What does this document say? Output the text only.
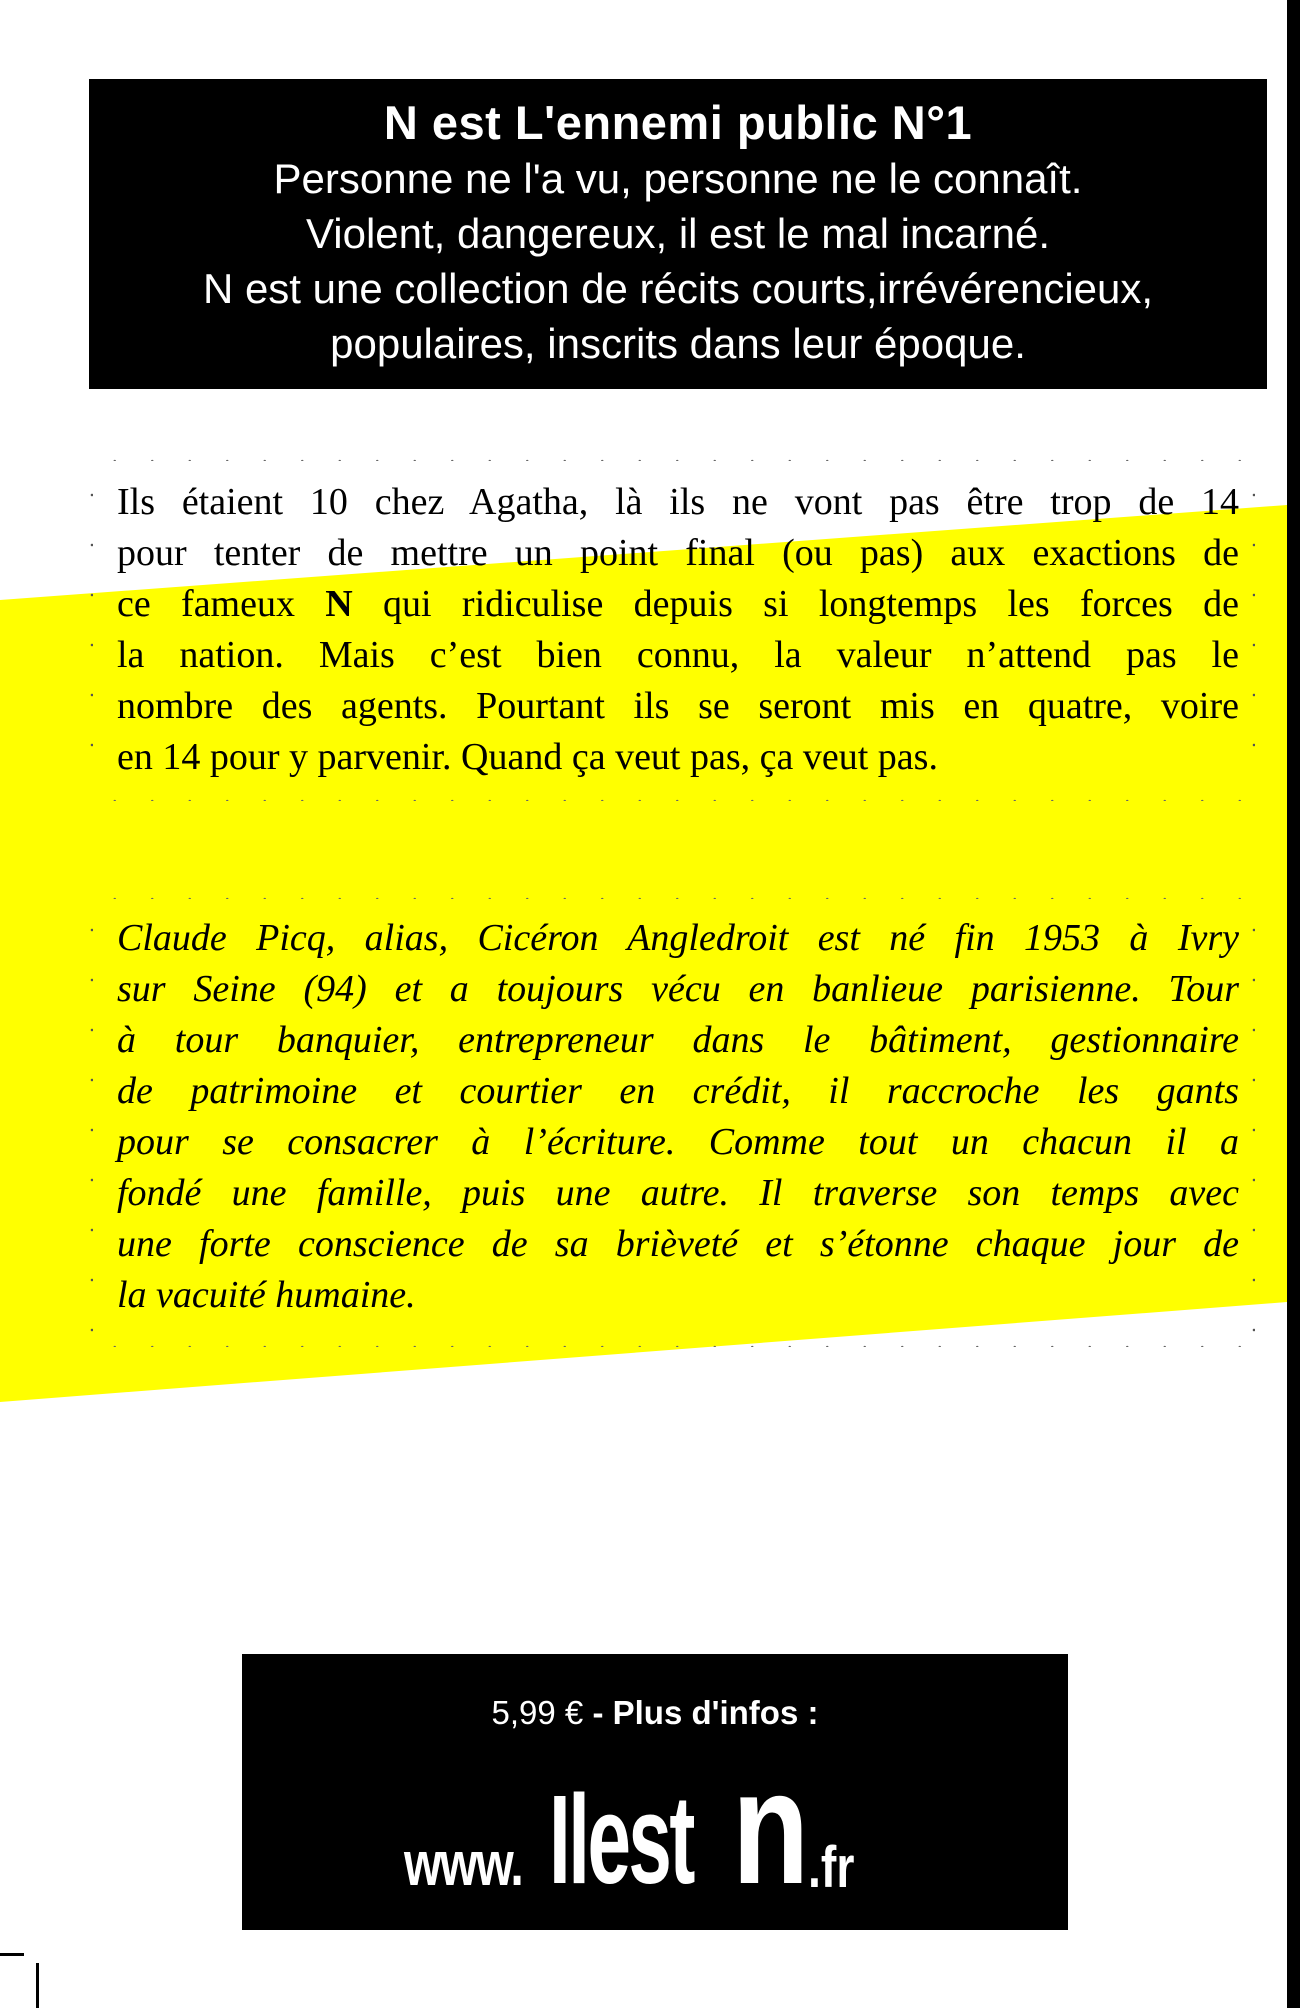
N est L'ennemi public N°1
Personne ne l'a vu, personne ne le connaît.
Violent, dangereux, il est le mal incarné.
N est une collection de récits courts,irrévérencieux,
populaires, inscrits dans leur époque.
Ils étaient 10 chez Agatha, là ils ne vont pas être trop de 14
pour tenter de mettre un point final (ou pas) aux exactions de
ce fameux N qui ridiculise depuis si longtemps les forces de
la nation. Mais c’est bien connu, la valeur n’attend pas le
nombre des agents. Pourtant ils se seront mis en quatre, voire
en 14 pour y parvenir. Quand ça veut pas, ça veut pas.
Claude Picq, alias, Cicéron Angledroit est né fin 1953 à Ivry
sur Seine (94) et a toujours vécu en banlieue parisienne. Tour
à tour banquier, entrepreneur dans le bâtiment, gestionnaire
de patrimoine et courtier en crédit, il raccroche les gants
pour se consacrer à l’écriture. Comme tout un chacun il a
fondé une famille, puis une autre. Il traverse son temps avec
une forte conscience de sa brièveté et s’étonne chaque jour de
la vacuité humaine.
5,99 € - Plus d'infos :
www. Ilest n
.fr
